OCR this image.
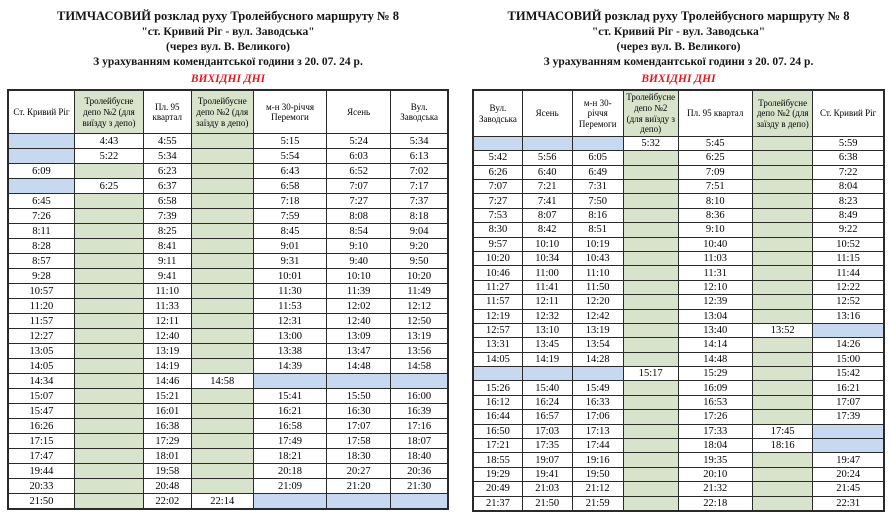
ТИМЧАСОВИЙ розклад руху Тролейбусного маршруту № 8
"ст. Кривий Ріг - вул. Заводська"
(через вул. В. Великого)
З урахуванням комендантської години з 20. 07. 24 р.
ВИХІДНІ ДНІ
Ст. Кривий Ріг	Тролейбусне депо №2 (для виїзду з депо)	Пл. 95 квартал	Тролейбусне депо №2 (для заїзду в депо)	м-н 30-річчя Перемоги	Ясень	Вул. Заводська
	4:43	4:55		5:15	5:24	5:34
	5:22	5:34		5:54	6:03	6:13
6:09		6:23		6:43	6:52	7:02
	6:25	6:37		6:58	7:07	7:17
6:45		6:58		7:18	7:27	7:37
7:26		7:39		7:59	8:08	8:18
8:11		8:25		8:45	8:54	9:04
8:28		8:41		9:01	9:10	9:20
8:57		9:11		9:31	9:40	9:50
9:28		9:41		10:01	10:10	10:20
10:57		11:10		11:30	11:39	11:49
11:20		11:33		11:53	12:02	12:12
11:57		12:11		12:31	12:40	12:50
12:27		12:40		13:00	13:09	13:19
13:05		13:19		13:38	13:47	13:56
14:05		14:19		14:39	14:48	14:58
14:34		14:46	14:58			
15:07		15:21		15:41	15:50	16:00
15:47		16:01		16:21	16:30	16:39
16:26		16:38		16:58	17:07	17:16
17:15		17:29		17:49	17:58	18:07
17:47		18:01		18:21	18:30	18:40
19:44		19:58		20:18	20:27	20:36
20:33		20:48		21:09	21:20	21:30
21:50		22:02	22:14			
ТИМЧАСОВИЙ розклад руху Тролейбусного маршруту № 8
"ст. Кривий Ріг - вул. Заводська"
(через вул. В. Великого)
З урахуванням комендантської години з 20. 07. 24 р.
ВИХІДНІ ДНІ
Вул. Заводська	Ясень	м-н 30-річчя Перемоги	Тролейбусне депо №2 (для виїзду з депо)	Пл. 95 квартал	Тролейбусне депо №2 (для заїзду в депо)	Ст. Кривий Ріг
			5:32	5:45		5:59
5:42	5:56	6:05		6:25		6:38
6:26	6:40	6:49		7:09		7:22
7:07	7:21	7:31		7:51		8:04
7:27	7:41	7:50		8:10		8:23
7:53	8:07	8:16		8:36		8:49
8:30	8:42	8:51		9:10		9:22
9:57	10:10	10:19		10:40		10:52
10:20	10:34	10:43		11:03		11:15
10:46	11:00	11:10		11:31		11:44
11:27	11:41	11:50		12:10		12:22
11:57	12:11	12:20		12:39		12:52
12:19	12:32	12:42		13:04		13:16
12:57	13:10	13:19		13:40	13:52	
13:31	13:45	13:54		14:14		14:26
14:05	14:19	14:28		14:48		15:00
			15:17	15:29		15:42
15:26	15:40	15:49		16:09		16:21
16:12	16:24	16:33		16:53		17:07
16:44	16:57	17:06		17:26		17:39
16:50	17:03	17:13		17:33	17:45	
17:21	17:35	17:44		18:04	18:16	
18:55	19:07	19:16		19:35		19:47
19:29	19:41	19:50		20:10		20:24
20:49	21:03	21:12		21:32		21:45
21:37	21:50	21:59		22:18		22:31
